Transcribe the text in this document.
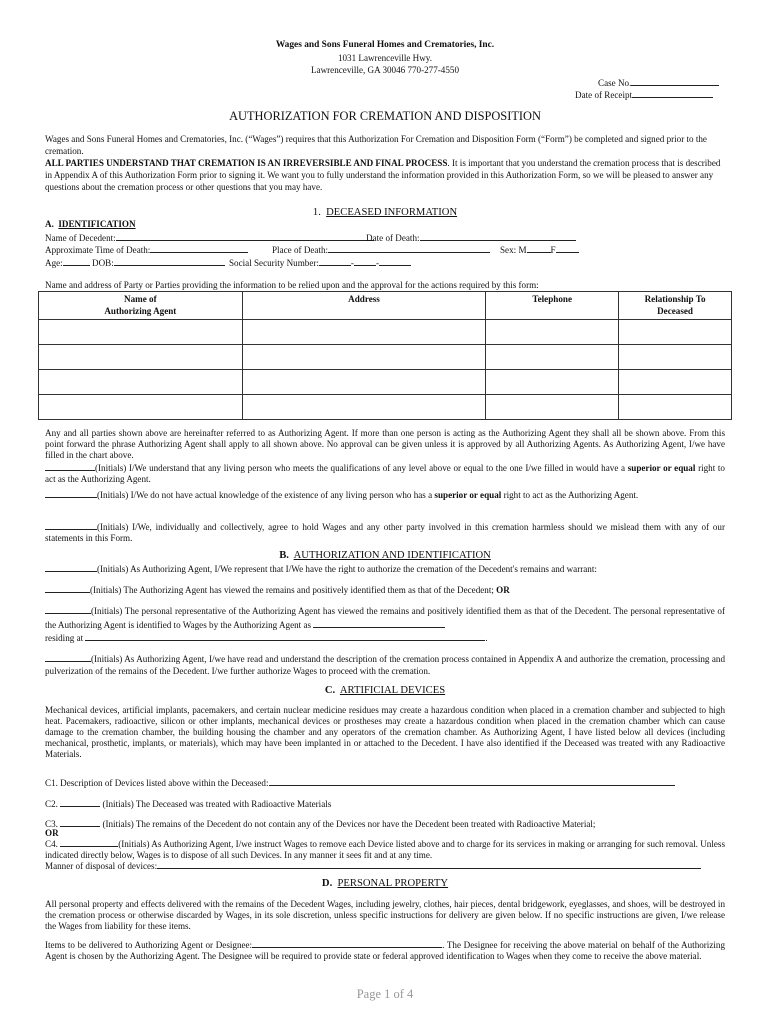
Wages and Sons Funeral Homes and Crematories, Inc.
1031 Lawrenceville Hwy.
Lawrenceville, GA 30046 770-277-4550
Case No.
Date of Receipt
AUTHORIZATION FOR CREMATION AND DISPOSITION
Wages and Sons Funeral Homes and Crematories, Inc. (“Wages”) requires that this Authorization For Cremation and Disposition Form (“Form”) be completed and signed prior to the cremation.
ALL PARTIES UNDERSTAND THAT CREMATION IS AN IRREVERSIBLE AND FINAL PROCESS. It is important that you understand the cremation process that is described in Appendix A of this Authorization Form prior to signing it. We want you to fully understand the information provided in this Authorization Form, so we will be pleased to answer any questions about the cremation process or other questions that you may have.
1. DECEASED INFORMATION
A. IDENTIFICATION
Name of Decedent:	Date of Death:
Approximate Time of Death:	Place of Death:	Sex: M	F
Age:	DOB:	Social Security Number:	- -
Name and address of Party or Parties providing the information to be relied upon and the approval for the actions required by this form:
Name of
Authorizing Agent	Address	Telephone	Relationship To
Deceased

Any and all parties shown above are hereinafter referred to as Authorizing Agent. If more than one person is acting as the Authorizing Agent they shall all be shown above. From this point forward the phrase Authorizing Agent shall apply to all shown above. No approval can be given unless it is approved by all Authorizing Agents. As Authorizing Agent, I/we have filled in the chart above.
(Initials) I/We understand that any living person who meets the qualifications of any level above or equal to the one I/we filled in would have a superior or equal right to act as the Authorizing Agent.
(Initials) I/We do not have actual knowledge of the existence of any living person who has a superior or equal right to act as the Authorizing Agent.
(Initials) I/We, individually and collectively, agree to hold Wages and any other party involved in this cremation harmless should we mislead them with any of our statements in this Form.
B. AUTHORIZATION AND IDENTIFICATION
(Initials) As Authorizing Agent, I/We represent that I/We have the right to authorize the cremation of the Decedent's remains and warrant:
(Initials) The Authorizing Agent has viewed the remains and positively identified them as that of the Decedent; OR
(Initials) The personal representative of the Authorizing Agent has viewed the remains and positively identified them as that of the Decedent. The personal representative of the Authorizing Agent is identified to Wages by the Authorizing Agent as
residing at	.
(Initials) As Authorizing Agent, I/we have read and understand the description of the cremation process contained in Appendix A and authorize the cremation, processing and pulverization of the remains of the Decedent. I/we further authorize Wages to proceed with the cremation.
C. ARTIFICIAL DEVICES
Mechanical devices, artificial implants, pacemakers, and certain nuclear medicine residues may create a hazardous condition when placed in a cremation chamber and subjected to high heat. Pacemakers, radioactive, silicon or other implants, mechanical devices or prostheses may create a hazardous condition when placed in the cremation chamber which can cause damage to the cremation chamber, the building housing the chamber and any operators of the cremation chamber. As Authorizing Agent, I have listed below all devices (including mechanical, prosthetic, implants, or materials), which may have been implanted in or attached to the Decedent. I have also identified if the Deceased was treated with any Radioactive Materials.
C1. Description of Devices listed above within the Deceased:
C2.	(Initials) The Deceased was treated with Radioactive Materials
C3.	(Initials) The remains of the Decedent do not contain any of the Devices nor have the Decedent been treated with Radioactive Material;
OR
C4.	(Initials) As Authorizing Agent, I/we instruct Wages to remove each Device listed above and to charge for its services in making or arranging for such removal. Unless indicated directly below, Wages is to dispose of all such Devices. In any manner it sees fit and at any time.
Manner of disposal of devices:
D. PERSONAL PROPERTY
All personal property and effects delivered with the remains of the Decedent Wages, including jewelry, clothes, hair pieces, dental bridgework, eyeglasses, and shoes, will be destroyed in the cremation process or otherwise discarded by Wages, in its sole discretion, unless specific instructions for delivery are given below. If no specific instructions are given, I/we release the Wages from liability for these items.
Items to be delivered to Authorizing Agent or Designee:	. The Designee for receiving the above material on behalf of the Authorizing Agent is chosen by the Authorizing Agent. The Designee will be required to provide state or federal approved identification to Wages when they come to receive the above material.
Page 1 of 4
